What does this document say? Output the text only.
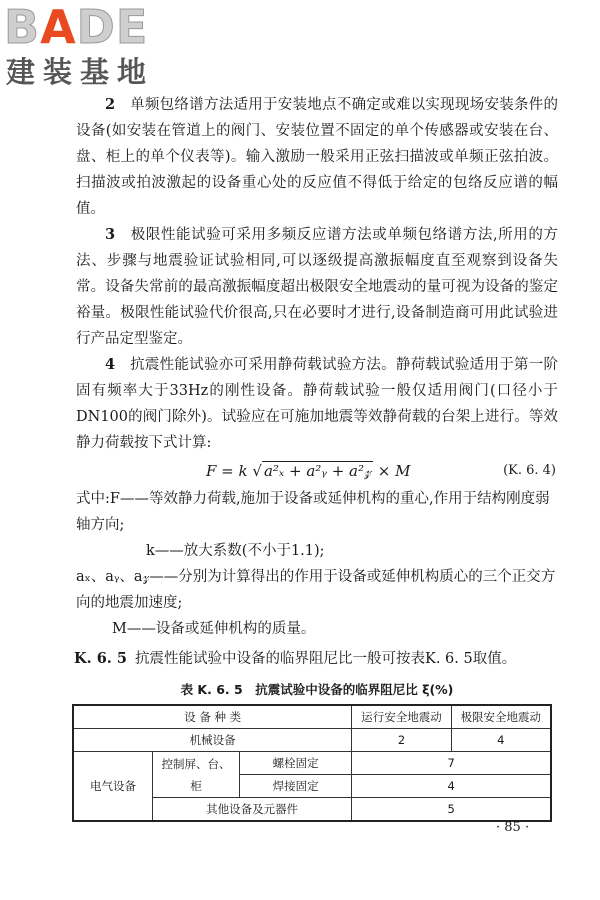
BADE
建装基地

2　 单频包络谱方法适用于安装地点不确定或难以实现现场安装条件的设备(如安装在管道上的阀门、安装位置不固定的单个传感器或安装在台、盘、柜上的单个仪表等)。输入激励一般采用正弦扫描波或单频正弦拍波。扫描波或拍波激起的设备重心处的反应值不得低于给定的包络反应谱的幅值。

3　 极限性能试验可采用多频反应谱方法或单频包络谱方法,所用的方法、步骤与地震验证试验相同,可以逐级提高激振幅度直至观察到设备失常。设备失常前的最高激振幅度超出极限安全地震动的量可视为设备的鉴定裕量。极限性能试验代价很高,只在必要时才进行,设备制造商可用此试验进行产品定型鉴定。

4　 抗震性能试验亦可采用静荷载试验方法。静荷载试验适用于第一阶固有频率大于33Hz的刚性设备。静荷载试验一般仅适用阀门(口径小于DN100的阀门除外)。试验应在可施加地震等效静荷载的台架上进行。等效静力荷载按下式计算:

F = k √ a²ₓ + a²ᵧ + a²𝓏 × M	(K. 6. 4)

式中:F——等效静力荷载,施加于设备或延伸机构的重心,作用于结构刚度弱轴方向;

k——放大系数(不小于1.1);

aₓ、aᵧ、a𝓏——分别为计算得出的作用于设备或延伸机构质心的三个正交方向的地震加速度;

M——设备或延伸机构的质量。

K. 6. 5 抗震性能试验中设备的临界阻尼比一般可按表K. 6. 5取值。

表 K. 6. 5　抗震试验中设备的临界阻尼比 ξ(%)
设 备 种 类			运行安全地震动	极限安全地震动
机械设备			2	4
电气设备	控制屏、台、柜	螺栓固定	7	
		焊接固定	4	
	其他设备及元器件		5	
· 85 ·
